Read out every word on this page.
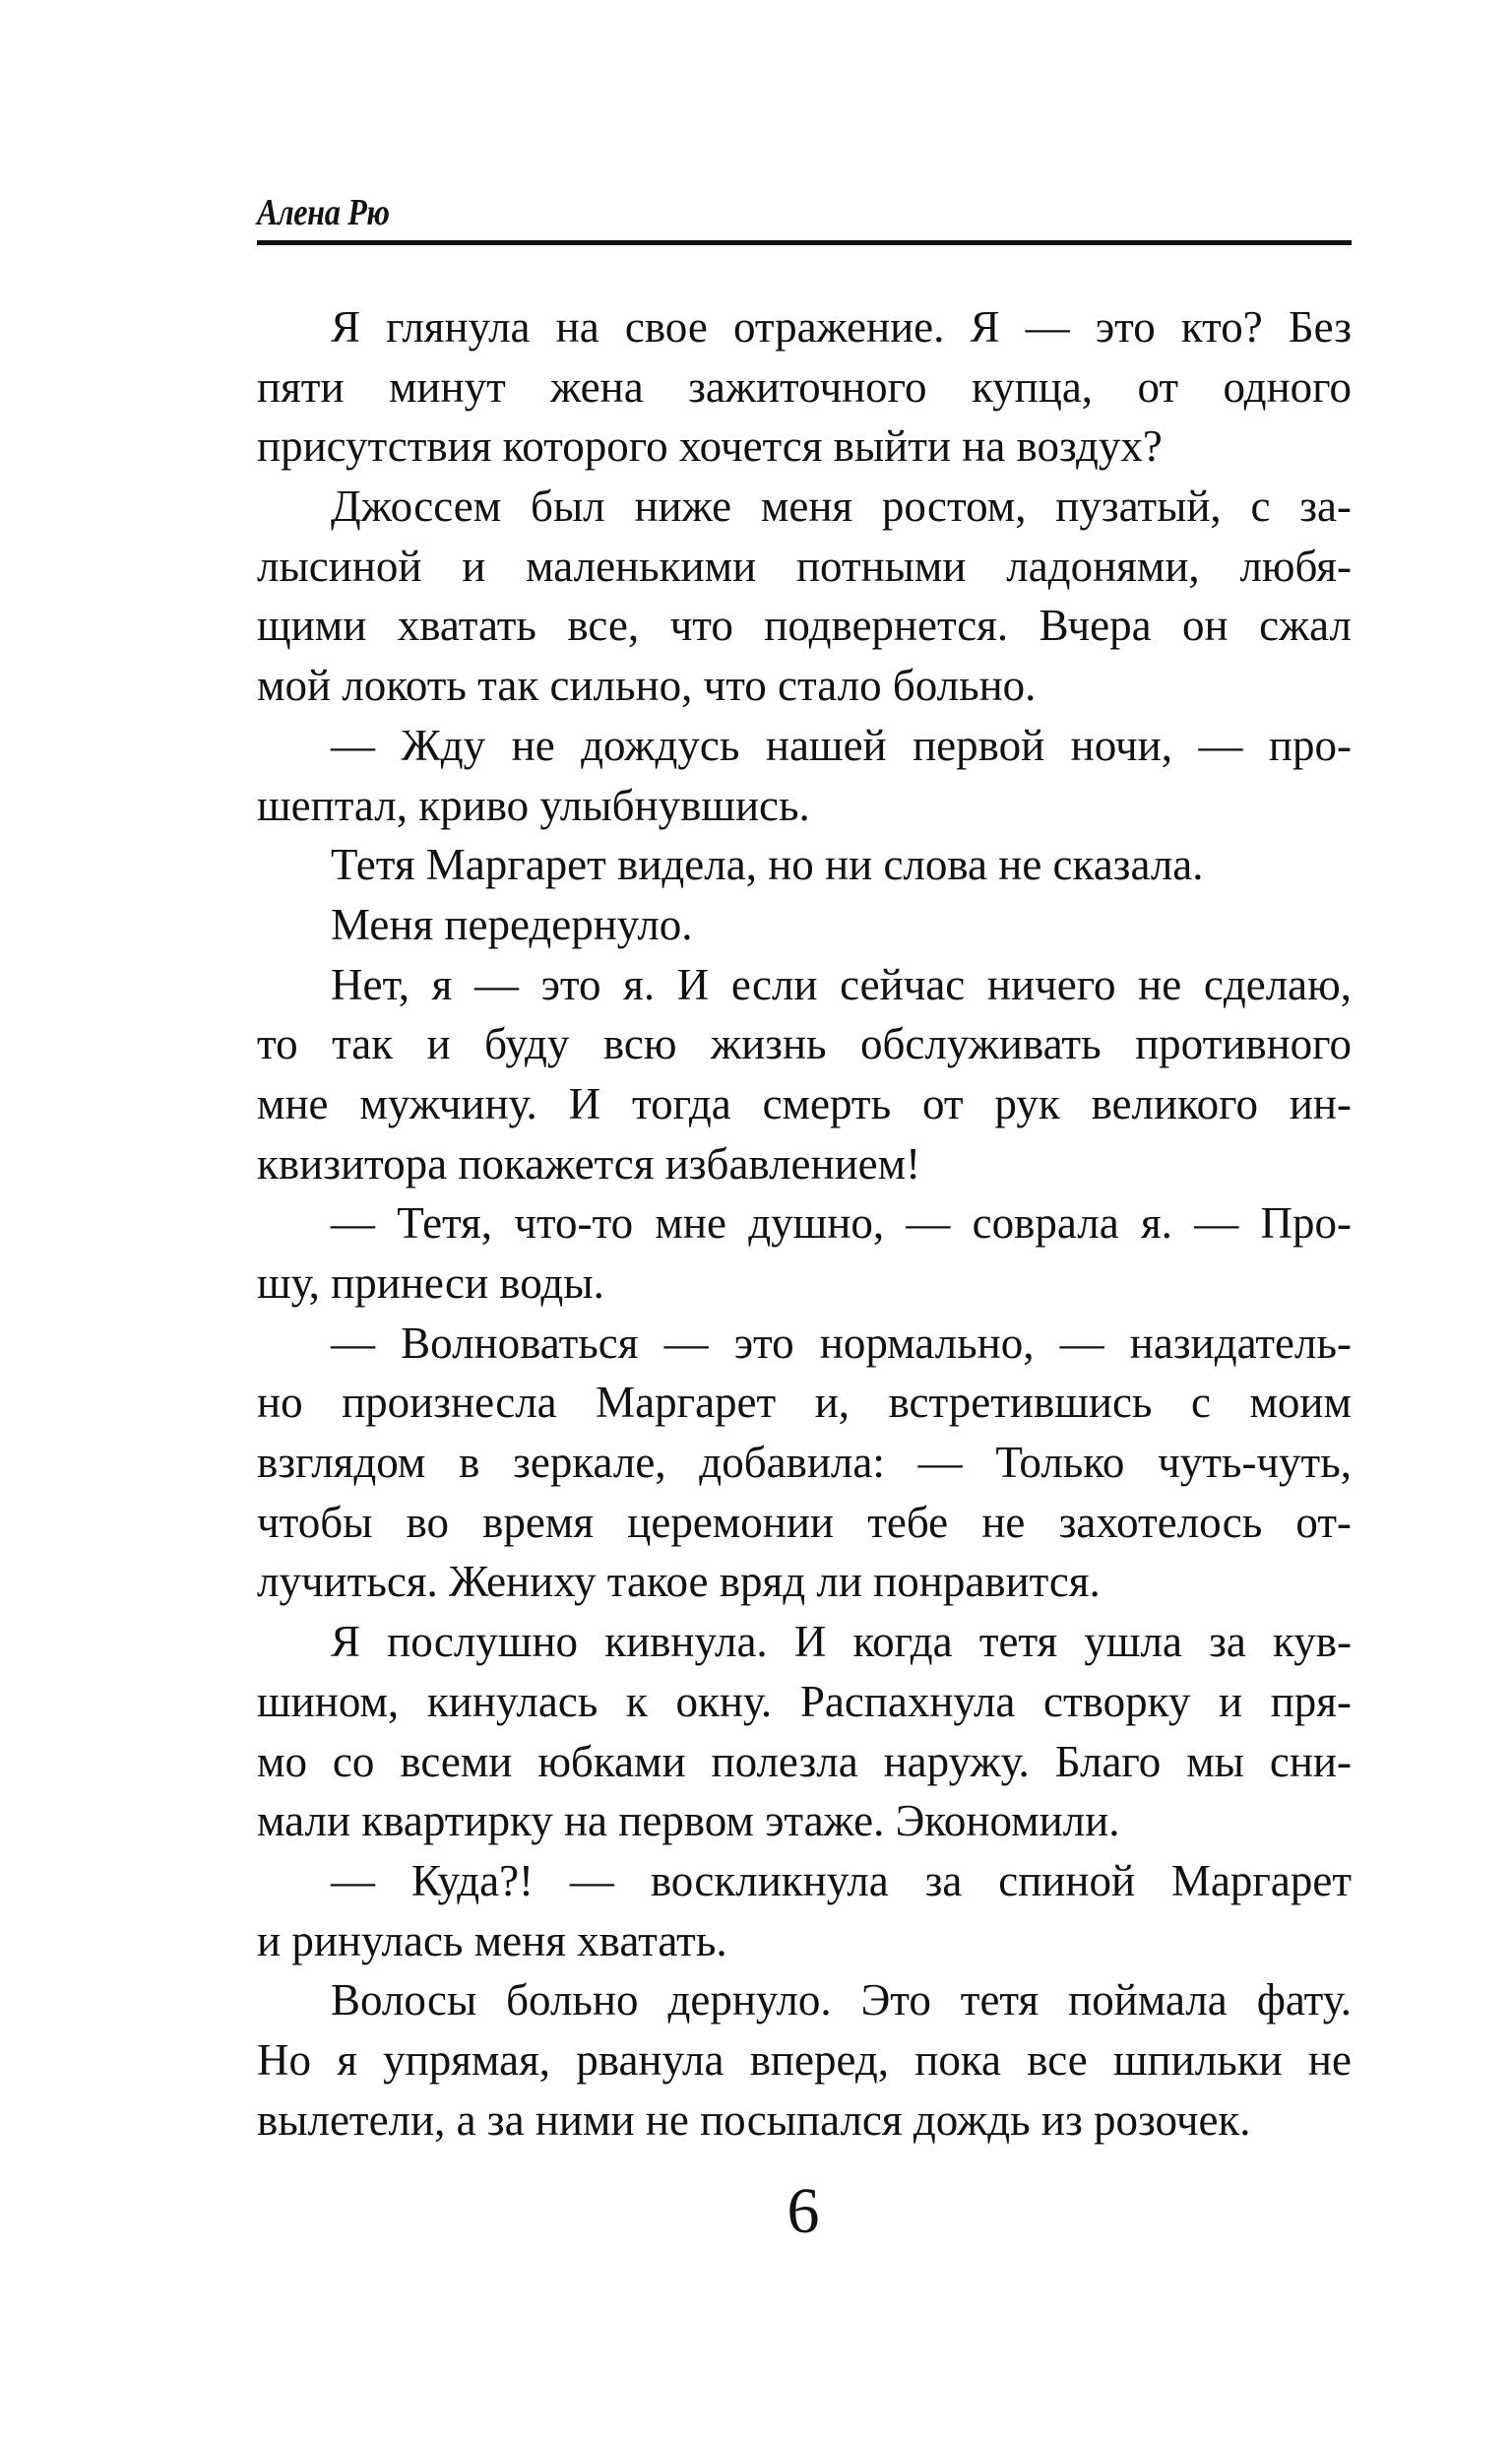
Алена Рю
Я глянула на свое отражение. Я — это кто? Без
пяти минут жена зажиточного купца, от одного
присутствия которого хочется выйти на воздух?
Джоссем был ниже меня ростом, пузатый, с за-
лысиной и маленькими потными ладонями, любя-
щими хватать все, что подвернется. Вчера он сжал
мой локоть так сильно, что стало больно.
— Жду не дождусь нашей первой ночи, — про-
шептал, криво улыбнувшись.
Тетя Маргарет видела, но ни слова не сказала.
Меня передернуло.
Нет, я — это я. И если сейчас ничего не сделаю,
то так и буду всю жизнь обслуживать противного
мне мужчину. И тогда смерть от рук великого ин-
квизитора покажется избавлением!
— Тетя, что-то мне душно, — соврала я. — Про-
шу, принеси воды.
— Волноваться — это нормально, — назидатель-
но произнесла Маргарет и, встретившись с моим
взглядом в зеркале, добавила: — Только чуть-чуть,
чтобы во время церемонии тебе не захотелось от-
лучиться. Жениху такое вряд ли понравится.
Я послушно кивнула. И когда тетя ушла за кув-
шином, кинулась к окну. Распахнула створку и пря-
мо со всеми юбками полезла наружу. Благо мы сни-
мали квартирку на первом этаже. Экономили.
— Куда?! — воскликнула за спиной Маргарет
и ринулась меня хватать.
Волосы больно дернуло. Это тетя поймала фату.
Но я упрямая, рванула вперед, пока все шпильки не
вылетели, а за ними не посыпался дождь из розочек.
6
